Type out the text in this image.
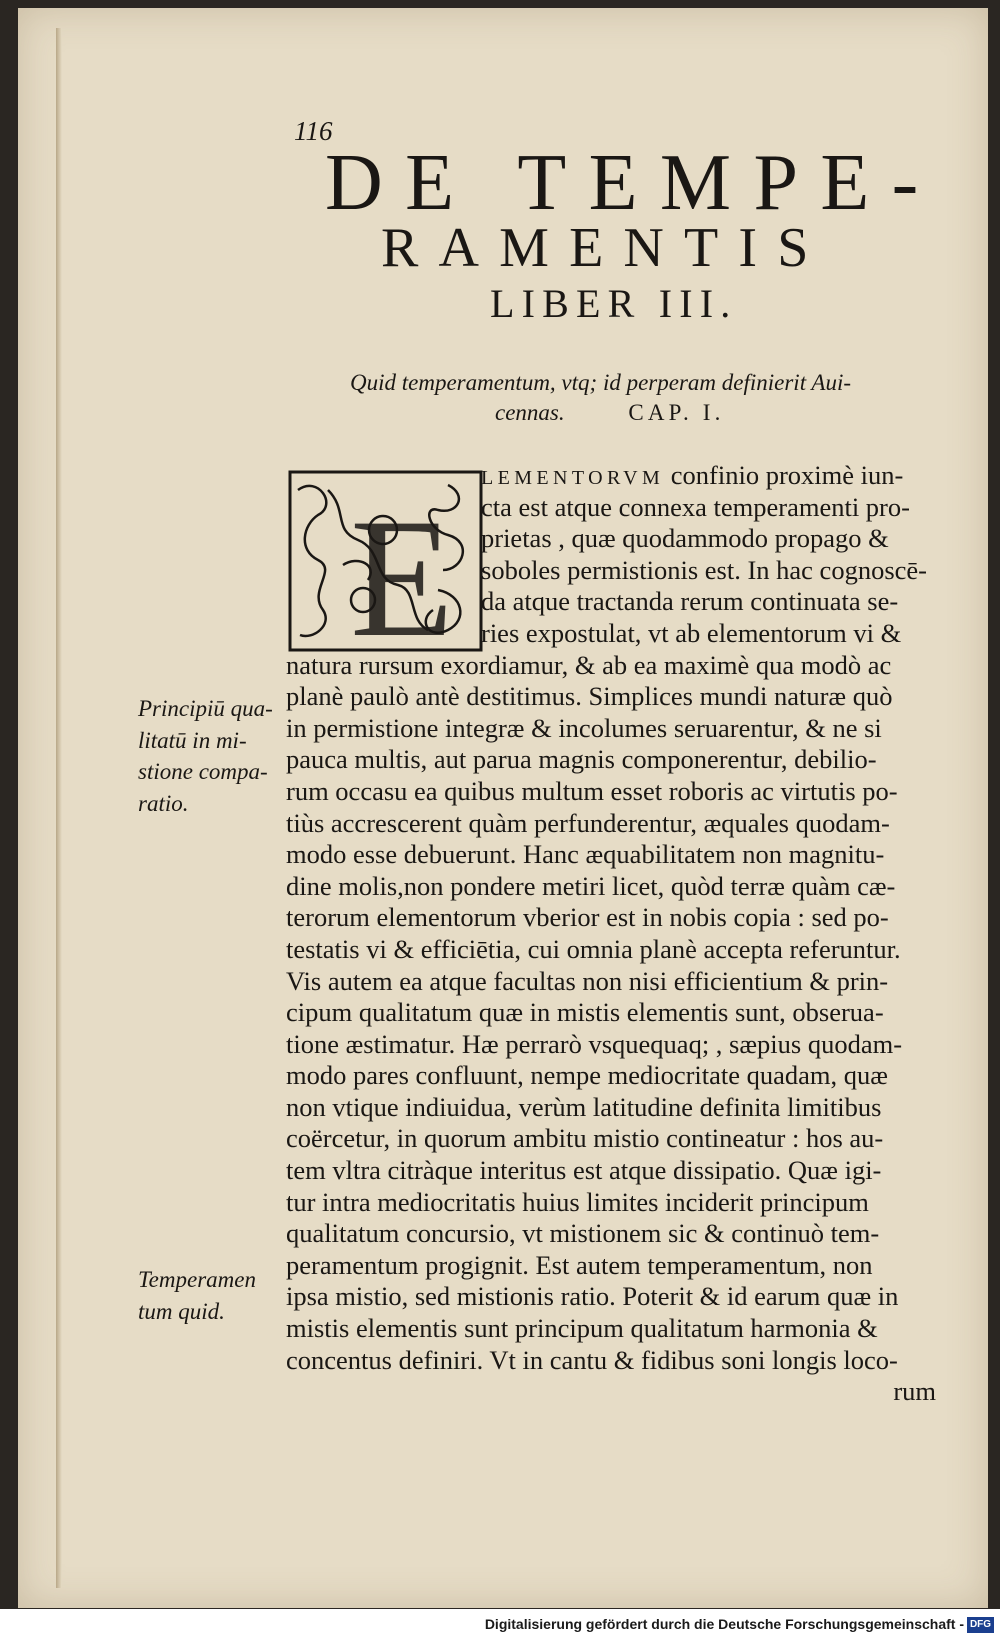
116
DE TEMPE-
RAMENTIS
LIBER III.
Quid temperamentum, vtq; id perperam definierit Aui-
cennas.	CAP. I.
E
LEMENTORVM confinio proximè iun-
cta est atque connexa temperamenti pro-
prietas , quæ quodammodo propago &
soboles permistionis est. In hac cognoscē-
da atque tractanda rerum continuata se-
ries expostulat, vt ab elementorum vi &
natura rursum exordiamur, & ab ea maximè qua modò ac
planè paulò antè destitimus. Simplices mundi naturæ quò
in permistione integræ & incolumes seruarentur, & ne si
pauca multis, aut parua magnis componerentur, debilio-
rum occasu ea quibus multum esset roboris ac virtutis po-
tiùs accrescerent quàm perfunderentur, æquales quodam-
modo esse debuerunt. Hanc æquabilitatem non magnitu-
dine molis,non pondere metiri licet, quòd terræ quàm cæ-
terorum elementorum vberior est in nobis copia : sed po-
testatis vi & efficiētia, cui omnia planè accepta referuntur.
Vis autem ea atque facultas non nisi efficientium & prin-
cipum qualitatum quæ in mistis elementis sunt, obserua-
tione æstimatur. Hæ perrarò vsquequaq; , sæpius quodam-
modo pares confluunt, nempe mediocritate quadam, quæ
non vtique indiuidua, verùm latitudine definita limitibus
coërcetur, in quorum ambitu mistio contineatur : hos au-
tem vltra citràque interitus est atque dissipatio. Quæ igi-
tur intra mediocritatis huius limites inciderit principum
qualitatum concursio, vt mistionem sic & continuò tem-
peramentum progignit. Est autem temperamentum, non
ipsa mistio, sed mistionis ratio. Poterit & id earum quæ in
mistis elementis sunt principum qualitatum harmonia &
concentus definiri. Vt in cantu & fidibus soni longis loco-
rum
Principiū qua-
litatū in mi-
stione compa-
ratio.
Temperamen
tum quid.
Digitalisierung gefördert durch die Deutsche Forschungsgemeinschaft - DFG
